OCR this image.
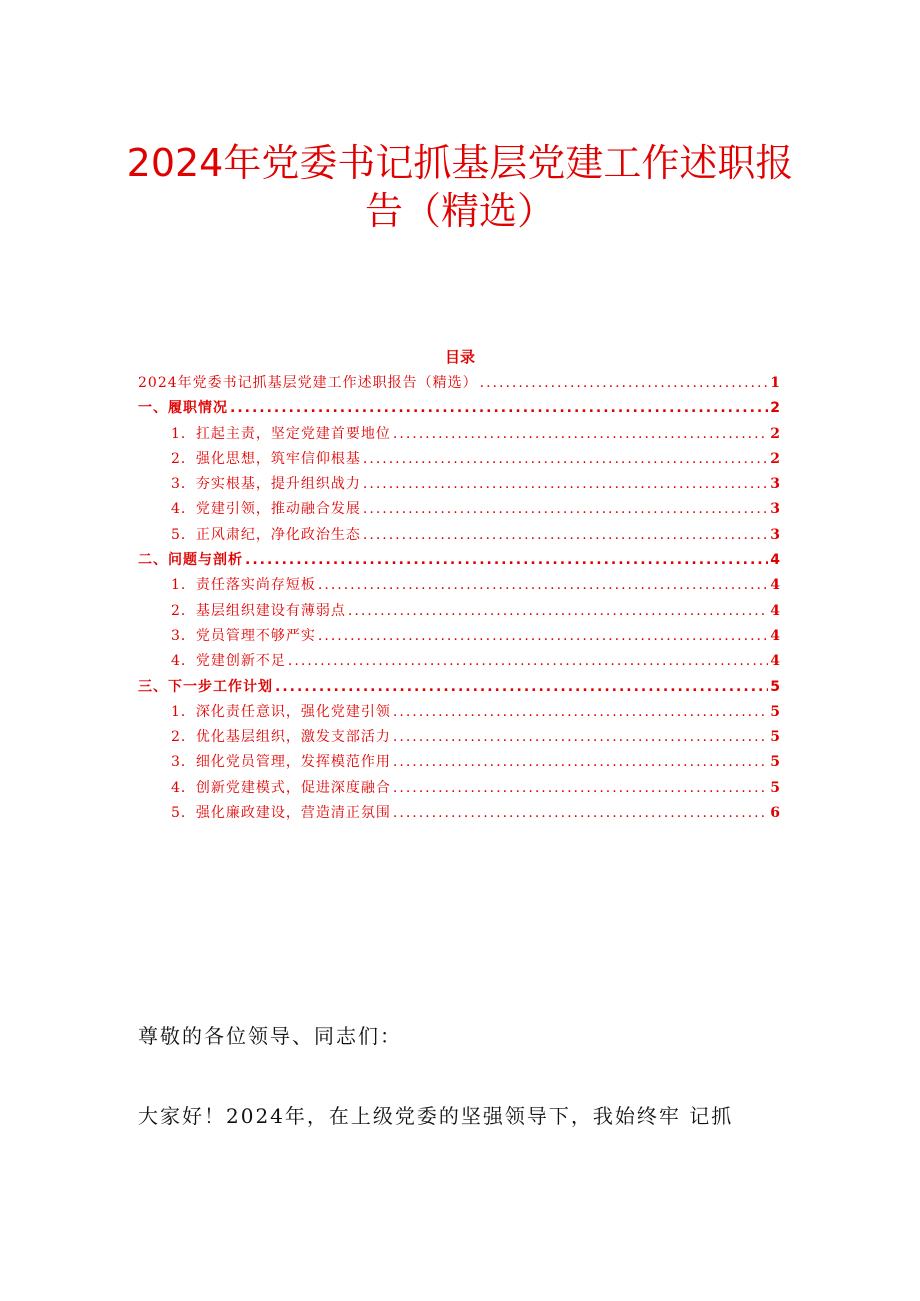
2024年党委书记抓基层党建工作述职报
告（精选）
目录
2024年党委书记抓基层党建工作述职报告（精选） .....	1
一、履职情况 .....	2
1．扛起主责，坚定党建首要地位 .....	2
2．强化思想，筑牢信仰根基 .....	2
3．夯实根基，提升组织战力 .....	3
4．党建引领，推动融合发展 .....	3
5．正风肃纪，净化政治生态 .....	3
二、问题与剖析 .....	4
1．责任落实尚存短板 .....	4
2．基层组织建设有薄弱点 .....	4
3．党员管理不够严实 .....	4
4．党建创新不足 .....	4
三、下一步工作计划 .....	5
1．深化责任意识，强化党建引领 .....	5
2．优化基层组织，激发支部活力 .....	5
3．细化党员管理，发挥模范作用 .....	5
4．创新党建模式，促进深度融合 .....	5
5．强化廉政建设，营造清正氛围 .....	6
尊敬的各位领导、同志们：
大家好！2024年，在上级党委的坚强领导下，我始终牢 记抓
